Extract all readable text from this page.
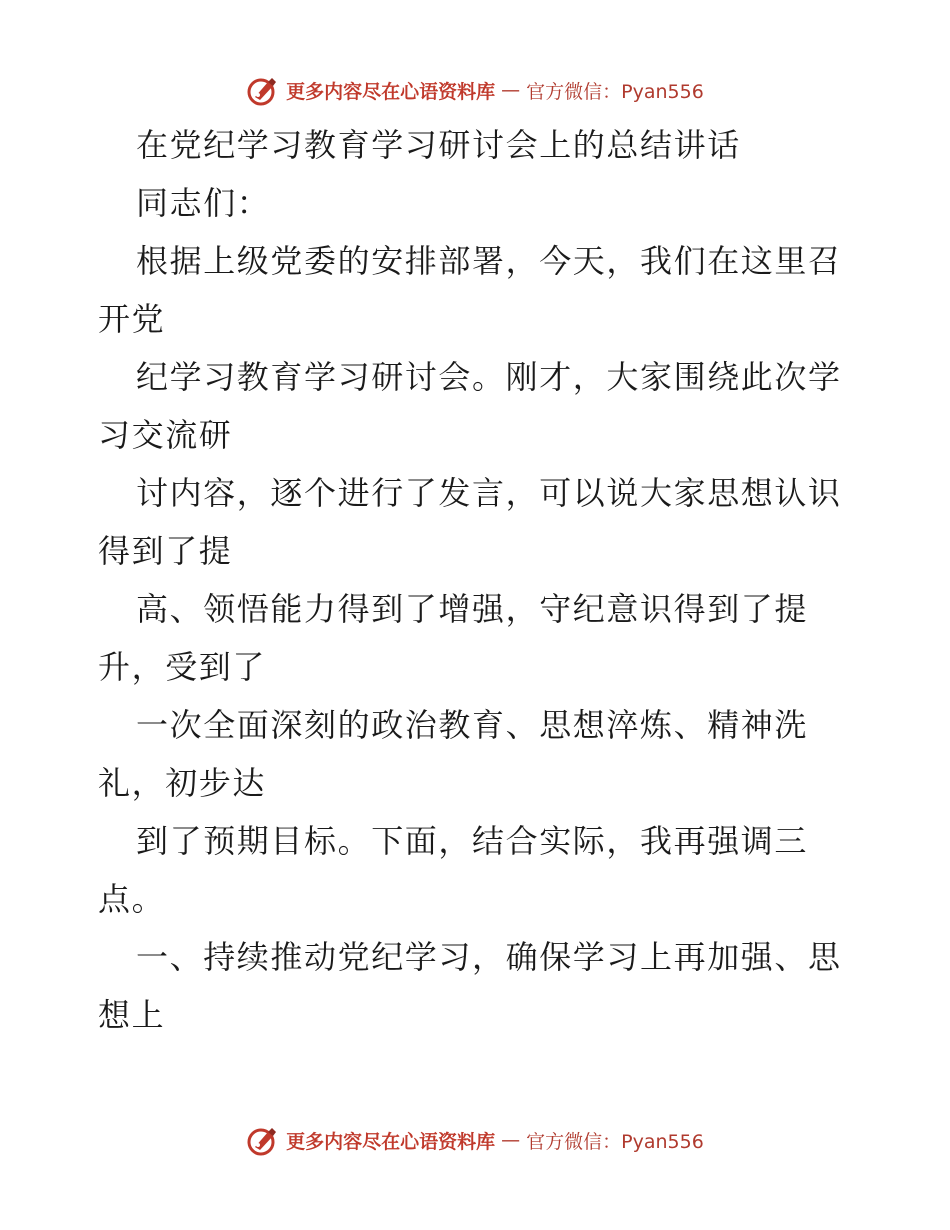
更多内容尽在心语资料库 — 官方微信：Pyan556
在党纪学习教育学习研讨会上的总结讲话
同志们：
根据上级党委的安排部署，今天，我们在这里召
开党
纪学习教育学习研讨会。刚才，大家围绕此次学
习交流研
讨内容，逐个进行了发言，可以说大家思想认识
得到了提
高、领悟能力得到了增强，守纪意识得到了提
升，受到了
一次全面深刻的政治教育、思想淬炼、精神洗
礼，初步达
到了预期目标。下面，结合实际，我再强调三
点。
一、持续推动党纪学习，确保学习上再加强、思
想上
更多内容尽在心语资料库 — 官方微信：Pyan556
